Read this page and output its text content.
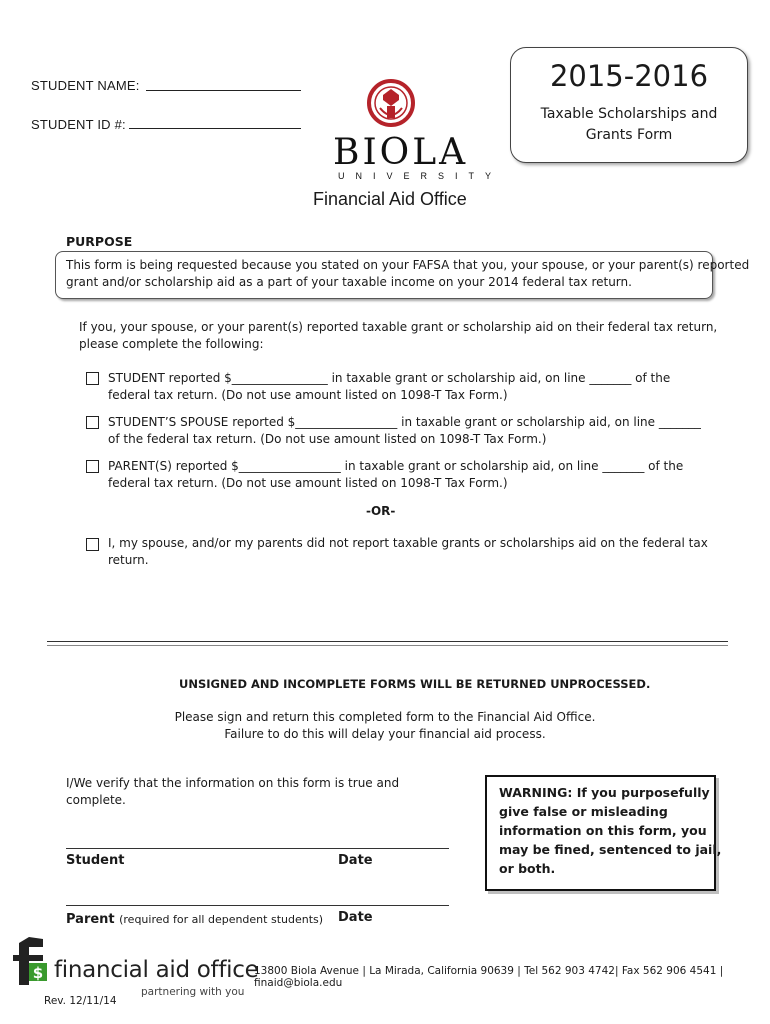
STUDENT NAME:
STUDENT ID #:
BIOLA
UNIVERSITY
2015-2016
Taxable Scholarships and
Grants Form
Financial Aid Office
PURPOSE
This form is being requested because you stated on your FAFSA that you, your spouse, or your parent(s) reported
grant and/or scholarship aid as a part of your taxable income on your 2014 federal tax return.
If you, your spouse, or your parent(s) reported taxable grant or scholarship aid on their federal tax return,
please complete the following:
STUDENT reported $________________ in taxable grant or scholarship aid, on line _______ of the
federal tax return. (Do not use amount listed on 1098-T Tax Form.)
STUDENT’S SPOUSE reported $_________________ in taxable grant or scholarship aid, on line _______
of the federal tax return. (Do not use amount listed on 1098-T Tax Form.)
PARENT(S) reported $_________________ in taxable grant or scholarship aid, on line _______ of the
federal tax return. (Do not use amount listed on 1098-T Tax Form.)
-OR-
I, my spouse, and/or my parents did not report taxable grants or scholarships aid on the federal tax
return.
UNSIGNED AND INCOMPLETE FORMS WILL BE RETURNED UNPROCESSED.
Please sign and return this completed form to the Financial Aid Office.
Failure to do this will delay your financial aid process.
I/We verify that the information on this form is true and
complete.	WARNING: If you purposefully
give false or misleading
information on this form, you
may be fined, sentenced to jail,
or both.
Student	Date
Parent (required for all dependent students) Date
$ financial aid office
partnering with you
13800 Biola Avenue | La Mirada, California 90639 | Tel 562 903 4742| Fax 562 906 4541 | finaid@biola.edu
Rev. 12/11/14
